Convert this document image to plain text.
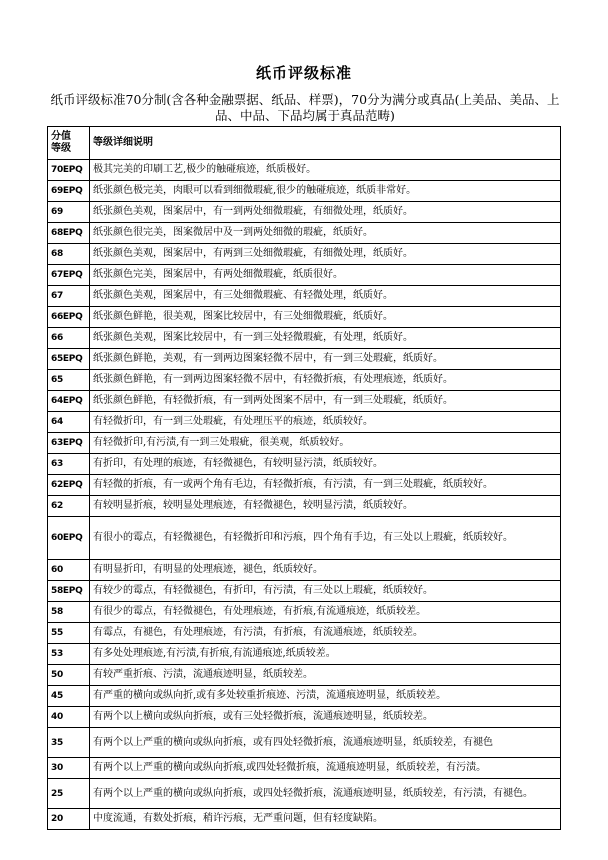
纸币评级标准
纸币评级标准70分制(含各种金融票据、纸品、样票)，70分为满分或真品(上美品、美品、上品、中品、下品均属于真品范畴)
分值
等级	等级详细说明
70EPQ	极其完美的印刷工艺,极少的触碰痕迹，纸质极好。
69EPQ	纸张颜色极完美，肉眼可以看到细微瑕疵,很少的触碰痕迹，纸质非常好。
69	纸张颜色美观，图案居中，有一到两处细微瑕疵，有细微处理，纸质好。
68EPQ	纸张颜色很完美，图案微居中及一到两处细微的瑕疵，纸质好。
68	纸张颜色美观，图案居中，有两到三处细微瑕疵，有细微处理，纸质好。
67EPQ	纸张颜色完美，图案居中，有两处细微瑕疵，纸质很好。
67	纸张颜色美观，图案居中，有三处细微瑕疵、有轻微处理，纸质好。
66EPQ	纸张颜色鲜艳，很美观，图案比较居中，有三处细微瑕疵，纸质好。
66	纸张颜色美观，图案比较居中，有一到三处轻微瑕疵，有处理，纸质好。
65EPQ	纸张颜色鲜艳，美观，有一到两边图案轻微不居中，有一到三处瑕疵，纸质好。
65	纸张颜色鲜艳，有一到两边图案轻微不居中，有轻微折痕，有处理痕迹，纸质好。
64EPQ	纸张颜色鲜艳，有轻微折痕，有一到两处图案不居中，有一到三处瑕疵，纸质好。
64	有轻微折印，有一到三处瑕疵，有处理压平的痕迹，纸质较好。
63EPQ	有轻微折印,有污渍,有一到三处瑕疵，很美观，纸质较好。
63	有折印，有处理的痕迹，有轻微褪色，有较明显污渍，纸质较好。
62EPQ	有轻微的折痕，有一或两个角有毛边，有轻微折痕，有污渍，有一到三处瑕疵，纸质较好。
62	有较明显折痕，较明显处理痕迹，有轻微褪色，较明显污渍，纸质较好。
60EPQ	有很小的霉点，有轻微褪色，有轻微折印和污痕，四个角有手边，有三处以上瑕疵，纸质较好。
60	有明显折印，有明显的处理痕迹，褪色，纸质较好。
58EPQ	有较少的霉点，有轻微褪色，有折印，有污渍，有三处以上瑕疵，纸质较好。
58	有很少的霉点，有轻微褪色，有处理痕迹，有折痕,有流通痕迹，纸质较差。
55	有霉点，有褪色，有处理痕迹，有污渍，有折痕，有流通痕迹，纸质较差。
53	有多处处理痕迹,有污渍,有折痕,有流通痕迹,纸质较差。
50	有较严重折痕、污渍，流通痕迹明显，纸质较差。
45	有严重的横向或纵向折,或有多处较重折痕迹、污渍，流通痕迹明显，纸质较差。
40	有两个以上横向或纵向折痕，或有三处轻微折痕，流通痕迹明显，纸质较差。
35	有两个以上严重的横向或纵向折痕，或有四处轻微折痕，流通痕迹明显，纸质较差，有褪色
30	有两个以上严重的横向或纵向折痕,或四处轻微折痕，流通痕迹明显，纸质较差，有污渍。
25	有两个以上严重的横向或纵向折痕，或四处轻微折痕，流通痕迹明显，纸质较差，有污渍，有褪色。
20	中度流通，有数处折痕，稍许污痕，无严重问题，但有轻度缺陷。
